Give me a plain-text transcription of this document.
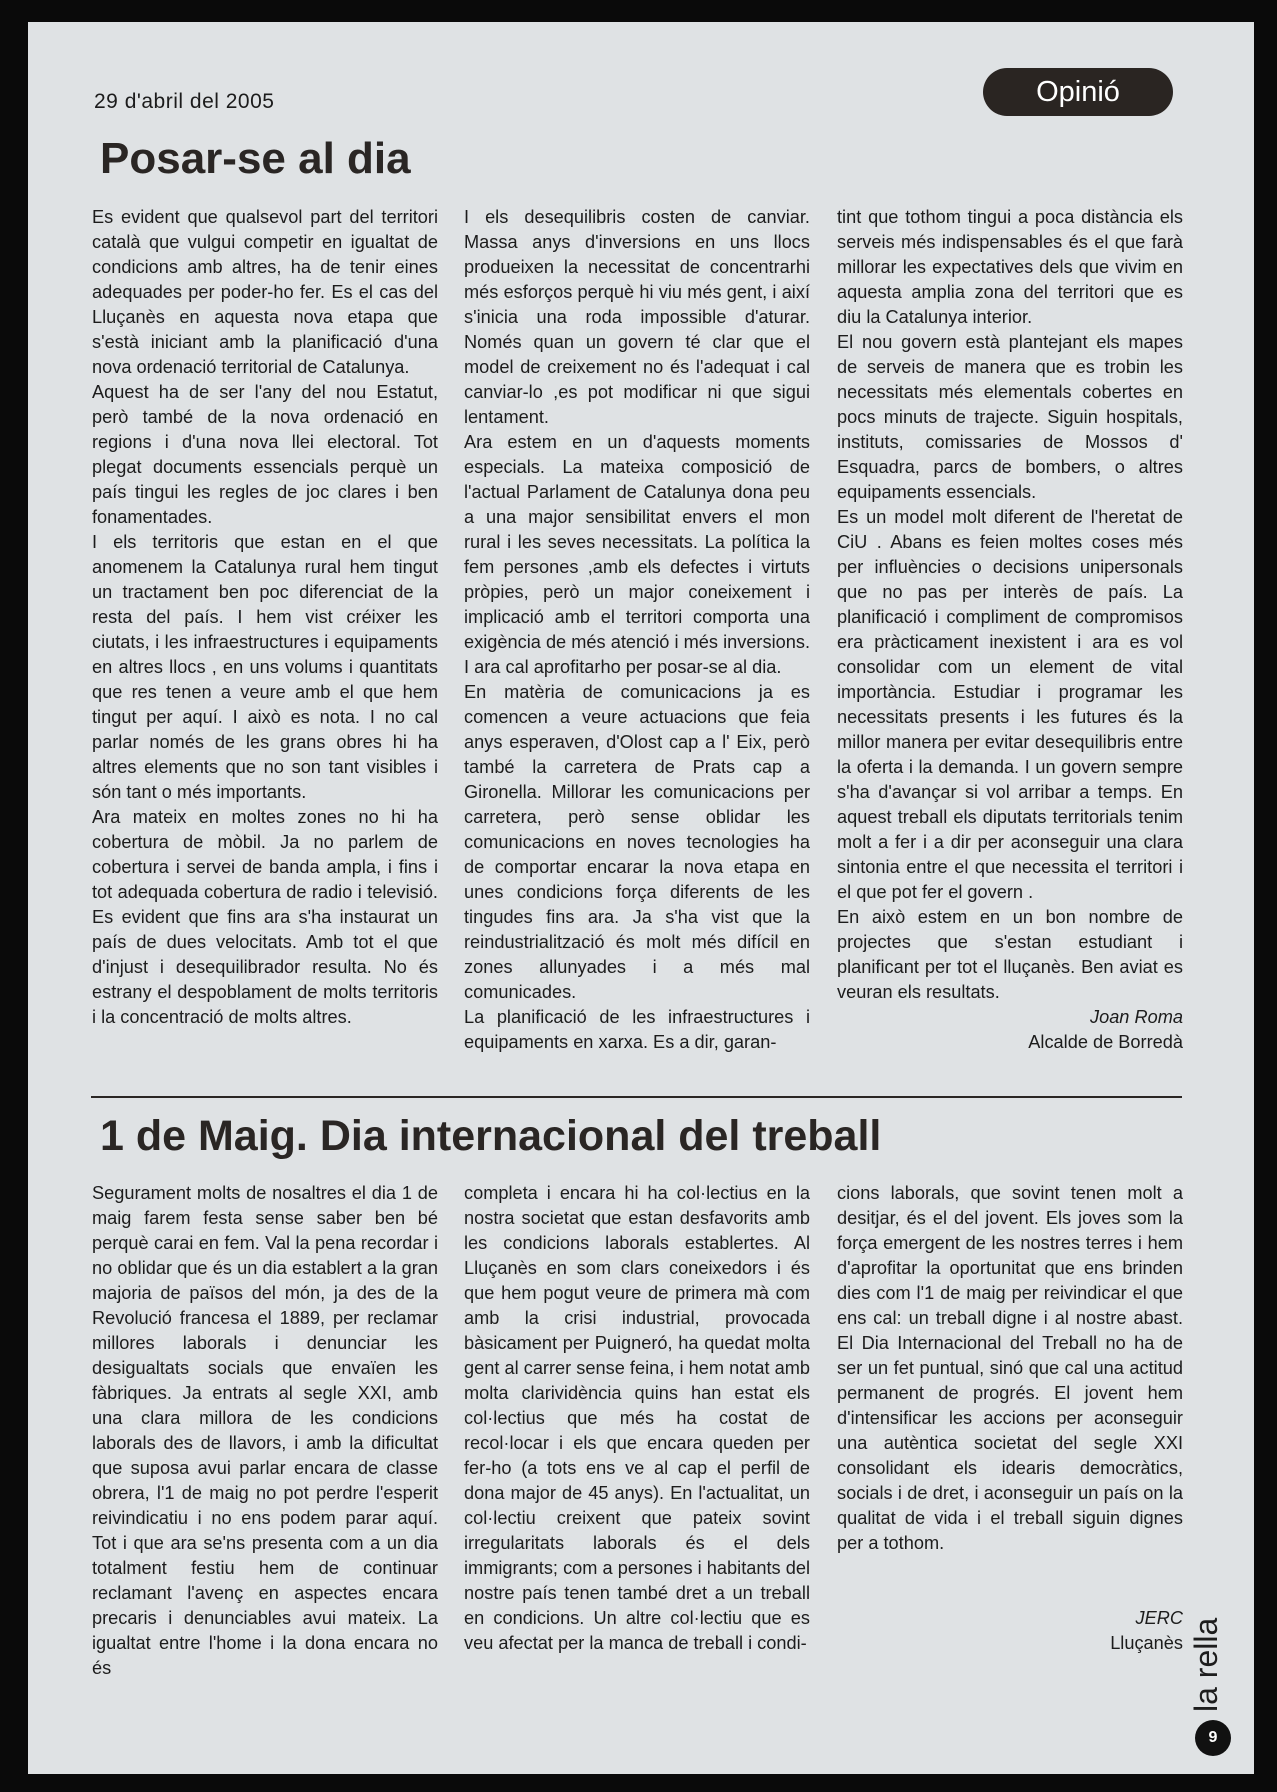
29 d'abril del 2005	Opinió
Posar-se al dia

Es evident que qualsevol part del territori català que vulgui competir en igualtat de condicions amb altres, ha de tenir eines adequades per poder-ho fer. Es el cas del Lluçanès en aquesta nova etapa que s'està iniciant amb la planificació d'una nova ordenació territorial de Catalunya.

Aquest ha de ser l'any del nou Estatut, però també de la nova ordenació en regions i d'una nova llei electoral. Tot plegat documents essencials perquè un país tingui les regles de joc clares i ben fonamentades.

I els territoris que estan en el que anomenem la Catalunya rural hem tingut un tractament ben poc diferenciat de la resta del país. I hem vist créixer les ciutats, i les infraestructures i equipaments en altres llocs , en uns volums i quantitats que res tenen a veure amb el que hem tingut per aquí. I això es nota. I no cal parlar només de les grans obres hi ha altres elements que no son tant visibles i són tant o més importants.

Ara mateix en moltes zones no hi ha cobertura de mòbil. Ja no parlem de cobertura i servei de banda ampla, i fins i tot adequada cobertura de radio i televisió. Es evident que fins ara s'ha instaurat un país de dues velocitats. Amb tot el que d'injust i desequilibrador resulta. No és estrany el despoblament de molts territoris i la concentració de molts altres.

I els desequilibris costen de canviar. Massa anys d'inversions en uns llocs produeixen la necessitat de concentrarhi més esforços perquè hi viu més gent, i així s'inicia una roda impossible d'aturar. Només quan un govern té clar que el model de creixement no és l'adequat i cal canviar-lo ,es pot modificar ni que sigui lentament.

Ara estem en un d'aquests moments especials. La mateixa composició de l'actual Parlament de Catalunya dona peu a una major sensibilitat envers el mon rural i les seves necessitats. La política la fem persones ,amb els defectes i virtuts pròpies, però un major coneixement i implicació amb el territori comporta una exigència de més atenció i més inversions. I ara cal aprofitarho per posar-se al dia.

En matèria de comunicacions ja es comencen a veure actuacions que feia anys esperaven, d'Olost cap a l' Eix, però també la carretera de Prats cap a Gironella. Millorar les comunicacions per carretera, però sense oblidar les comunicacions en noves tecnologies ha de comportar encarar la nova etapa en unes condicions força diferents de les tingudes fins ara. Ja s'ha vist que la reindustrialització és molt més difícil en zones allunyades i a més mal comunicades.

La planificació de les infraestructures i equipaments en xarxa. Es a dir, garan-

tint que tothom tingui a poca distància els serveis més indispensables és el que farà millorar les expectatives dels que vivim en aquesta amplia zona del territori que es diu la Catalunya interior.

El nou govern està plantejant els mapes de serveis de manera que es trobin les necessitats més elementals cobertes en pocs minuts de trajecte. Siguin hospitals, instituts, comissaries de Mossos d' Esquadra, parcs de bombers, o altres equipaments essencials.

Es un model molt diferent de l'heretat de CiU . Abans es feien moltes coses més per influències o decisions unipersonals que no pas per interès de país. La planificació i compliment de compromisos era pràcticament inexistent i ara es vol consolidar com un element de vital importància. Estudiar i programar les necessitats presents i les futures és la millor manera per evitar desequilibris entre la oferta i la demanda. I un govern sempre s'ha d'avançar si vol arribar a temps. En aquest treball els diputats territorials tenim molt a fer i a dir per aconseguir una clara sintonia entre el que necessita el territori i el que pot fer el govern .

En això estem en un bon nombre de projectes que s'estan estudiant i planificant per tot el lluçanès. Ben aviat es veuran els resultats.

Joan Roma
Alcalde de Borredà
1 de Maig. Dia internacional del treball

Segurament molts de nosaltres el dia 1 de maig farem festa sense saber ben bé perquè carai en fem. Val la pena recordar i no oblidar que és un dia establert a la gran majoria de països del món, ja des de la Revolució francesa el 1889, per reclamar millores laborals i denunciar les desigualtats socials que envaïen les fàbriques. Ja entrats al segle XXI, amb una clara millora de les condicions laborals des de llavors, i amb la dificultat que suposa avui parlar encara de classe obrera, l'1 de maig no pot perdre l'esperit reivindicatiu i no ens podem parar aquí. Tot i que ara se'ns presenta com a un dia totalment festiu hem de continuar reclamant l'avenç en aspectes encara precaris i denunciables avui mateix. La igualtat entre l'home i la dona encara no és

completa i encara hi ha col·lectius en la nostra societat que estan desfavorits amb les condicions laborals establertes. Al Lluçanès en som clars coneixedors i és que hem pogut veure de primera mà com amb la crisi industrial, provocada bàsicament per Puigneró, ha quedat molta gent al carrer sense feina, i hem notat amb molta clarividència quins han estat els col·lectius que més ha costat de recol·locar i els que encara queden per fer-ho (a tots ens ve al cap el perfil de dona major de 45 anys). En l'actualitat, un col·lectiu creixent que pateix sovint irregularitats laborals és el dels immigrants; com a persones i habitants del nostre país tenen també dret a un treball en condicions. Un altre col·lectiu que es veu afectat per la manca de treball i condi-

cions laborals, que sovint tenen molt a desitjar, és el del jovent. Els joves som la força emergent de les nostres terres i hem d'aprofitar la oportunitat que ens brinden dies com l'1 de maig per reivindicar el que ens cal: un treball digne i al nostre abast. El Dia Internacional del Treball no ha de ser un fet puntual, sinó que cal una actitud permanent de progrés. El jovent hem d'intensificar les accions per aconseguir una autèntica societat del segle XXI consolidant els idearis democràtics, socials i de dret, i aconseguir un país on la qualitat de vida i el treball siguin dignes per a tothom.

JERC
Lluçanès la rella
9
